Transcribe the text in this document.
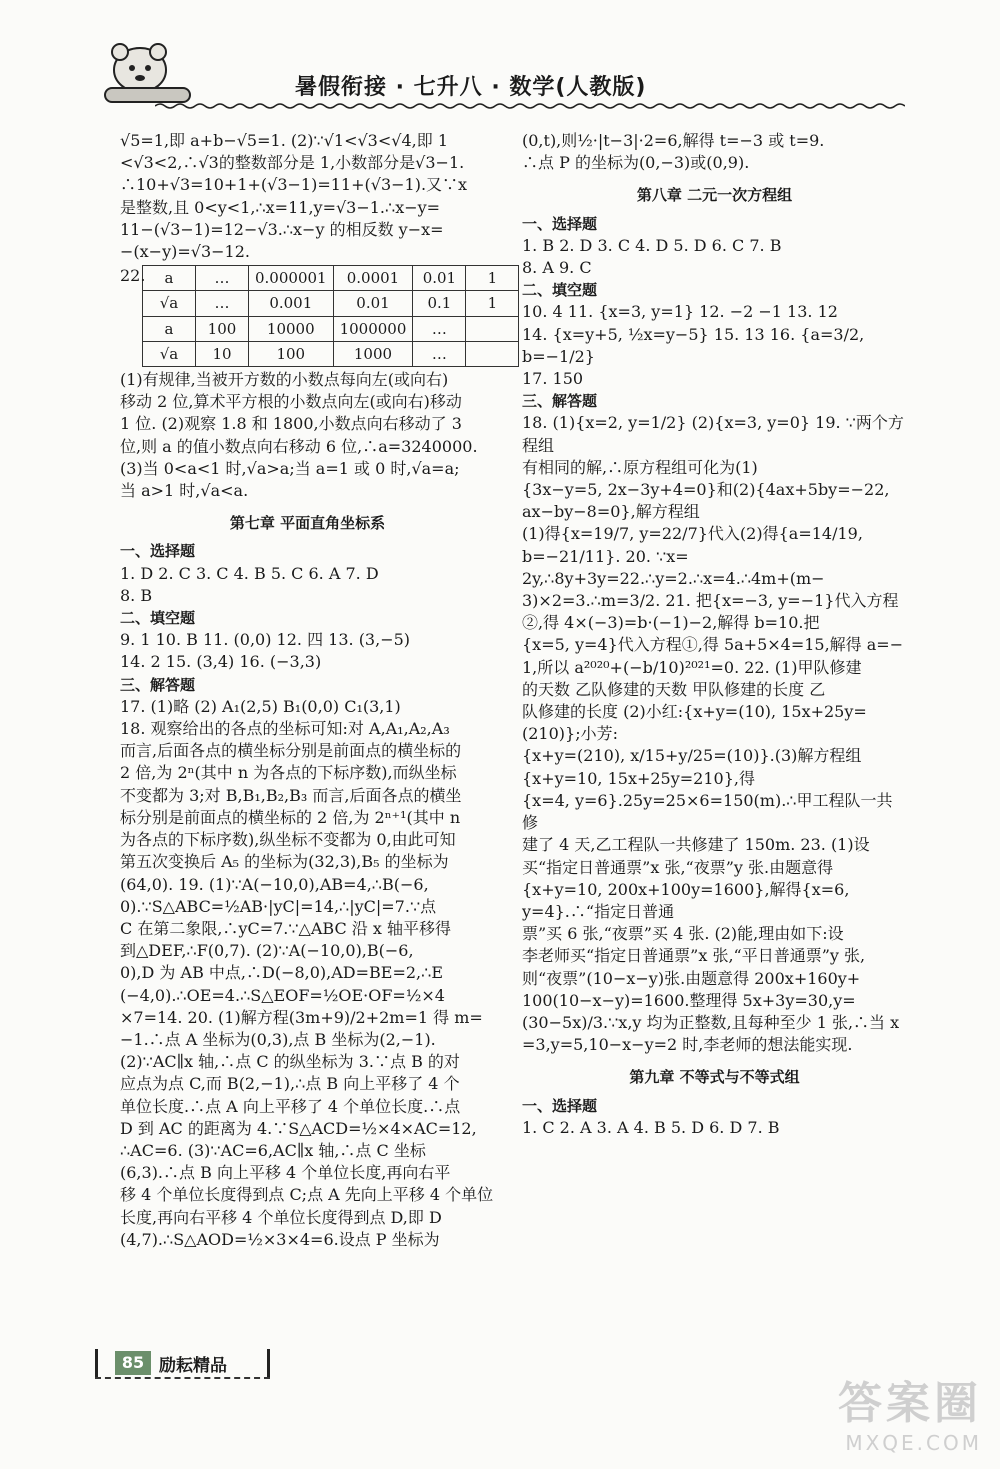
暑假衔接 · 七升八 · 数学(人教版)

√5=1,即 a+b−√5=1. (2)∵√1<√3<√4,即 1

<√3<2,∴√3的整数部分是 1,小数部分是√3−1.

∴10+√3=10+1+(√3−1)=11+(√3−1).又∵x

是整数,且 0<y<1,∴x=11,y=√3−1.∴x−y=

11−(√3−1)=12−√3.∴x−y 的相反数 y−x=

−(x−y)=√3−12.

22. a	…	0.000001	0.0001	0.01	1
√a	…	0.001	0.01	0.1	1
a	100	10000	1000000	…	
√a	10	100	1000	…	

(1)有规律,当被开方数的小数点每向左(或向右)

移动 2 位,算术平方根的小数点向左(或向右)移动

1 位. (2)观察 1.8 和 1800,小数点向右移动了 3

位,则 a 的值小数点向右移动 6 位,∴a=3240000.

(3)当 0<a<1 时,√a>a;当 a=1 或 0 时,√a=a;

当 a>1 时,√a<a.

第七章 平面直角坐标系

一、选择题

1. D 2. C 3. C 4. B 5. C 6. A 7. D

8. B

二、填空题

9. 1 10. B 11. (0,0) 12. 四 13. (3,−5)

14. 2 15. (3,4) 16. (−3,3)

三、解答题

17. (1)略 (2) A₁(2,5) B₁(0,0) C₁(3,1)

18. 观察给出的各点的坐标可知:对 A,A₁,A₂,A₃

而言,后面各点的横坐标分别是前面点的横坐标的

2 倍,为 2ⁿ(其中 n 为各点的下标序数),而纵坐标

不变都为 3;对 B,B₁,B₂,B₃ 而言,后面各点的横坐

标分别是前面点的横坐标的 2 倍,为 2ⁿ⁺¹(其中 n

为各点的下标序数),纵坐标不变都为 0,由此可知

第五次变换后 A₅ 的坐标为(32,3),B₅ 的坐标为

(64,0). 19. (1)∵A(−10,0),AB=4,∴B(−6,

0).∵S△ABC=½AB·|yC|=14,∴|yC|=7.∵点

C 在第二象限,∴yC=7.∵△ABC 沿 x 轴平移得

到△DEF,∴F(0,7). (2)∵A(−10,0),B(−6,

0),D 为 AB 中点,∴D(−8,0),AD=BE=2,∴E

(−4,0).∴OE=4.∴S△EOF=½OE·OF=½×4

×7=14. 20. (1)解方程(3m+9)/2+2m=1 得 m=

−1.∴点 A 坐标为(0,3),点 B 坐标为(2,−1).

(2)∵AC∥x 轴,∴点 C 的纵坐标为 3.∵点 B 的对

应点为点 C,而 B(2,−1),∴点 B 向上平移了 4 个

单位长度.∴点 A 向上平移了 4 个单位长度.∴点

D 到 AC 的距离为 4.∵S△ACD=½×4×AC=12,

∴AC=6. (3)∵AC=6,AC∥x 轴,∴点 C 坐标

(6,3).∴点 B 向上平移 4 个单位长度,再向右平

移 4 个单位长度得到点 C;点 A 先向上平移 4 个单位

长度,再向右平移 4 个单位长度得到点 D,即 D

(4,7).∴S△AOD=½×3×4=6.设点 P 坐标为

(0,t),则½·|t−3|·2=6,解得 t=−3 或 t=9.

∴点 P 的坐标为(0,−3)或(0,9).

第八章 二元一次方程组

一、选择题

1. B 2. D 3. C 4. D 5. D 6. C 7. B

8. A 9. C

二、填空题

10. 4 11. {x=3, y=1} 12. −2 −1 13. 12

14. {x=y+5, ½x=y−5} 15. 13 16. {a=3/2, b=−1/2}

17. 150

三、解答题

18. (1){x=2, y=1/2} (2){x=3, y=0} 19. ∵两个方程组

有相同的解,∴原方程组可化为(1)

{3x−y=5, 2x−3y+4=0}和(2){4ax+5by=−22, ax−by−8=0},解方程组

(1)得{x=19/7, y=22/7}代入(2)得{a=14/19, b=−21/11}. 20. ∵x=

2y,∴8y+3y=22.∴y=2.∴x=4.∴4m+(m−

3)×2=3.∴m=3/2. 21. 把{x=−3, y=−1}代入方程

②,得 4×(−3)=b·(−1)−2,解得 b=10.把

{x=5, y=4}代入方程①,得 5a+5×4=15,解得 a=−

1,所以 a²⁰²⁰+(−b/10)²⁰²¹=0. 22. (1)甲队修建

的天数 乙队修建的天数 甲队修建的长度 乙

队修建的长度 (2)小红:{x+y=(10), 15x+25y=(210)};小芳:

{x+y=(210), x/15+y/25=(10)}.(3)解方程组{x+y=10, 15x+25y=210},得

{x=4, y=6}.25y=25×6=150(m).∴甲工程队一共修

建了 4 天,乙工程队一共修建了 150m. 23. (1)设

买“指定日普通票”x 张,“夜票”y 张.由题意得

{x+y=10, 200x+100y=1600},解得{x=6, y=4}.∴“指定日普通

票”买 6 张,“夜票”买 4 张. (2)能,理由如下:设

李老师买“指定日普通票”x 张,“平日普通票”y 张,

则“夜票”(10−x−y)张.由题意得 200x+160y+

100(10−x−y)=1600.整理得 5x+3y=30,y=

(30−5x)/3.∵x,y 均为正整数,且每种至少 1 张,∴当 x

=3,y=5,10−x−y=2 时,李老师的想法能实现.

第九章 不等式与不等式组

一、选择题

1. C 2. A 3. A 4. B 5. D 6. D 7. B

85 励耘精品
答案圈
MXQE.COM
